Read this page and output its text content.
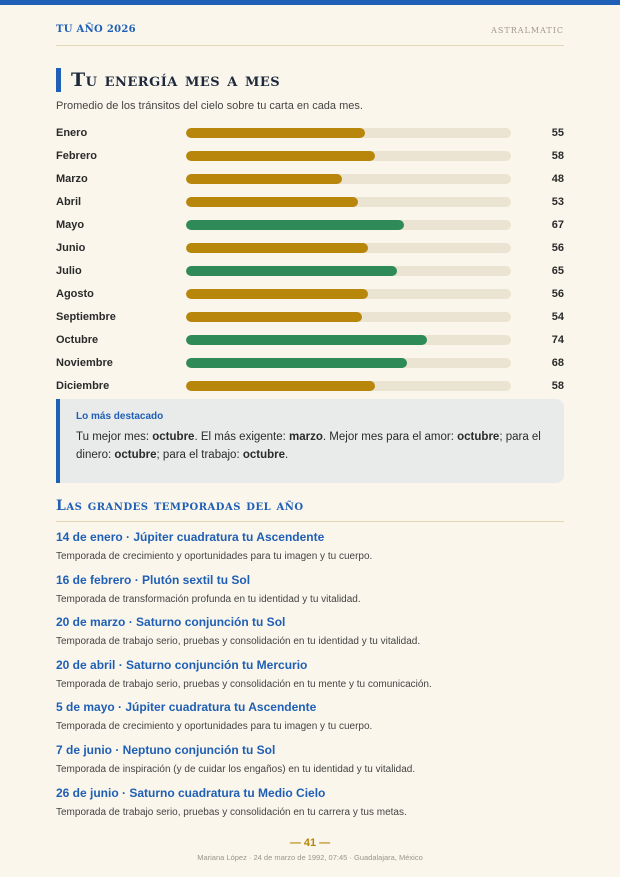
TU AÑO 2026	ASTRALMATIC
Tu energía mes a mes

Promedio de los tránsitos del cielo sobre tu carta en cada mes.

Enero	55
Febrero	58
Marzo	48
Abril	53
Mayo	67
Junio	56
Julio	65
Agosto	56
Septiembre	54
Octubre	74
Noviembre	68
Diciembre	58
Lo más destacado
Tu mejor mes: octubre. El más exigente: marzo. Mejor mes para el amor: octubre; para el dinero: octubre; para el trabajo: octubre.
Las grandes temporadas del año
14 de enero · Júpiter cuadratura tu Ascendente
Temporada de crecimiento y oportunidades para tu imagen y tu cuerpo.
16 de febrero · Plutón sextil tu Sol
Temporada de transformación profunda en tu identidad y tu vitalidad.
20 de marzo · Saturno conjunción tu Sol
Temporada de trabajo serio, pruebas y consolidación en tu identidad y tu vitalidad.
20 de abril · Saturno conjunción tu Mercurio
Temporada de trabajo serio, pruebas y consolidación en tu mente y tu comunicación.
5 de mayo · Júpiter cuadratura tu Ascendente
Temporada de crecimiento y oportunidades para tu imagen y tu cuerpo.
7 de junio · Neptuno conjunción tu Sol
Temporada de inspiración (y de cuidar los engaños) en tu identidad y tu vitalidad.
26 de junio · Saturno cuadratura tu Medio Cielo
Temporada de trabajo serio, pruebas y consolidación en tu carrera y tus metas.
— 41 —
Mariana López · 24 de marzo de 1992, 07:45 · Guadalajara, México
